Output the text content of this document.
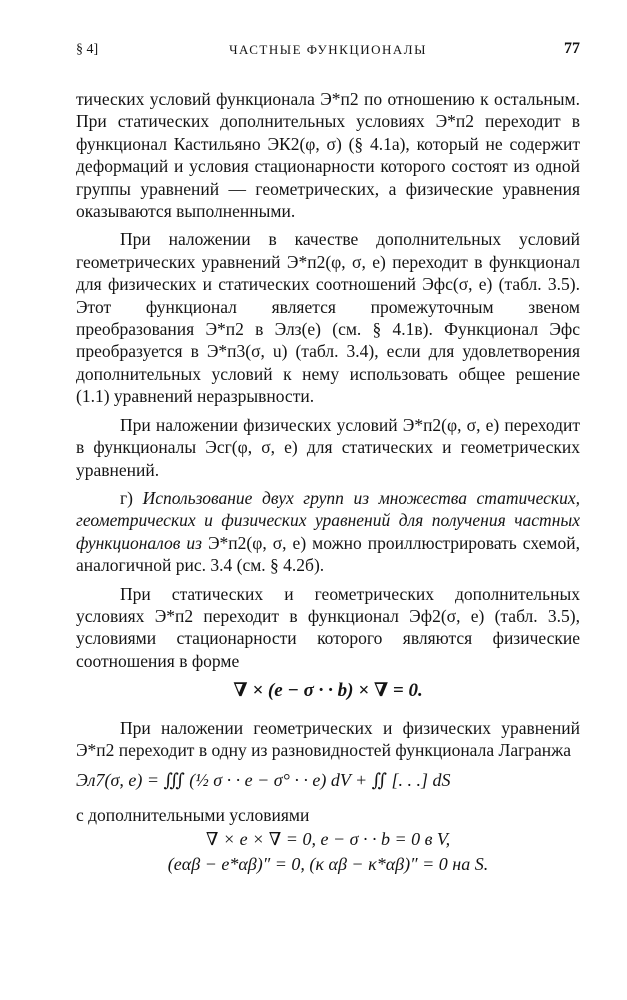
§ 4]	ЧАСТНЫЕ ФУНКЦИОНАЛЫ	77

тических условий функционала Э*п2 по отношению к остальным. При статических дополнительных условиях Э*п2 переходит в функционал Кастильяно ЭК2(φ, σ) (§ 4.1а), который не содержит деформаций и условия стационарности которого состоят из одной группы уравнений — геометрических, а физические уравнения оказываются выполненными.

При наложении в качестве дополнительных условий геометрических уравнений Э*п2(φ, σ, e) переходит в функционал для физических и статических соотношений Эфс(σ, e) (табл. 3.5). Этот функционал является промежуточным звеном преобразования Э*п2 в Элз(e) (см. § 4.1в). Функционал Эфс преобразуется в Э*п3(σ, u) (табл. 3.4), если для удовлетворения дополнительных условий к нему использовать общее решение (1.1) уравнений неразрывности.

При наложении физических условий Э*п2(φ, σ, e) переходит в функционалы Эсг(φ, σ, e) для статических и геометрических уравнений.

г) Использование двух групп из множества статических, геометрических и физических уравнений для получения частных функционалов из Э*п2(φ, σ, e) можно проиллюстрировать схемой, аналогичной рис. 3.4 (см. § 4.2б).

При статических и геометрических дополнительных условиях Э*п2 переходит в функционал Эф2(σ, e) (табл. 3.5), условиями стационарности которого являются физические соотношения в форме

∇ × (e − σ · · b) × ∇ = 0.

При наложении геометрических и физических уравнений Э*п2 переходит в одну из разновидностей функционала Лагранжа

Эл7(σ, e) = ∭ (½ σ · · e − σ° · · e) dV + ∬ [. . .] dS

с дополнительными условиями

∇ × e × ∇ = 0, e − σ · · b = 0 в V,
(eαβ − e*αβ)″ = 0, (κ αβ − κ*αβ)″ = 0 на S.
